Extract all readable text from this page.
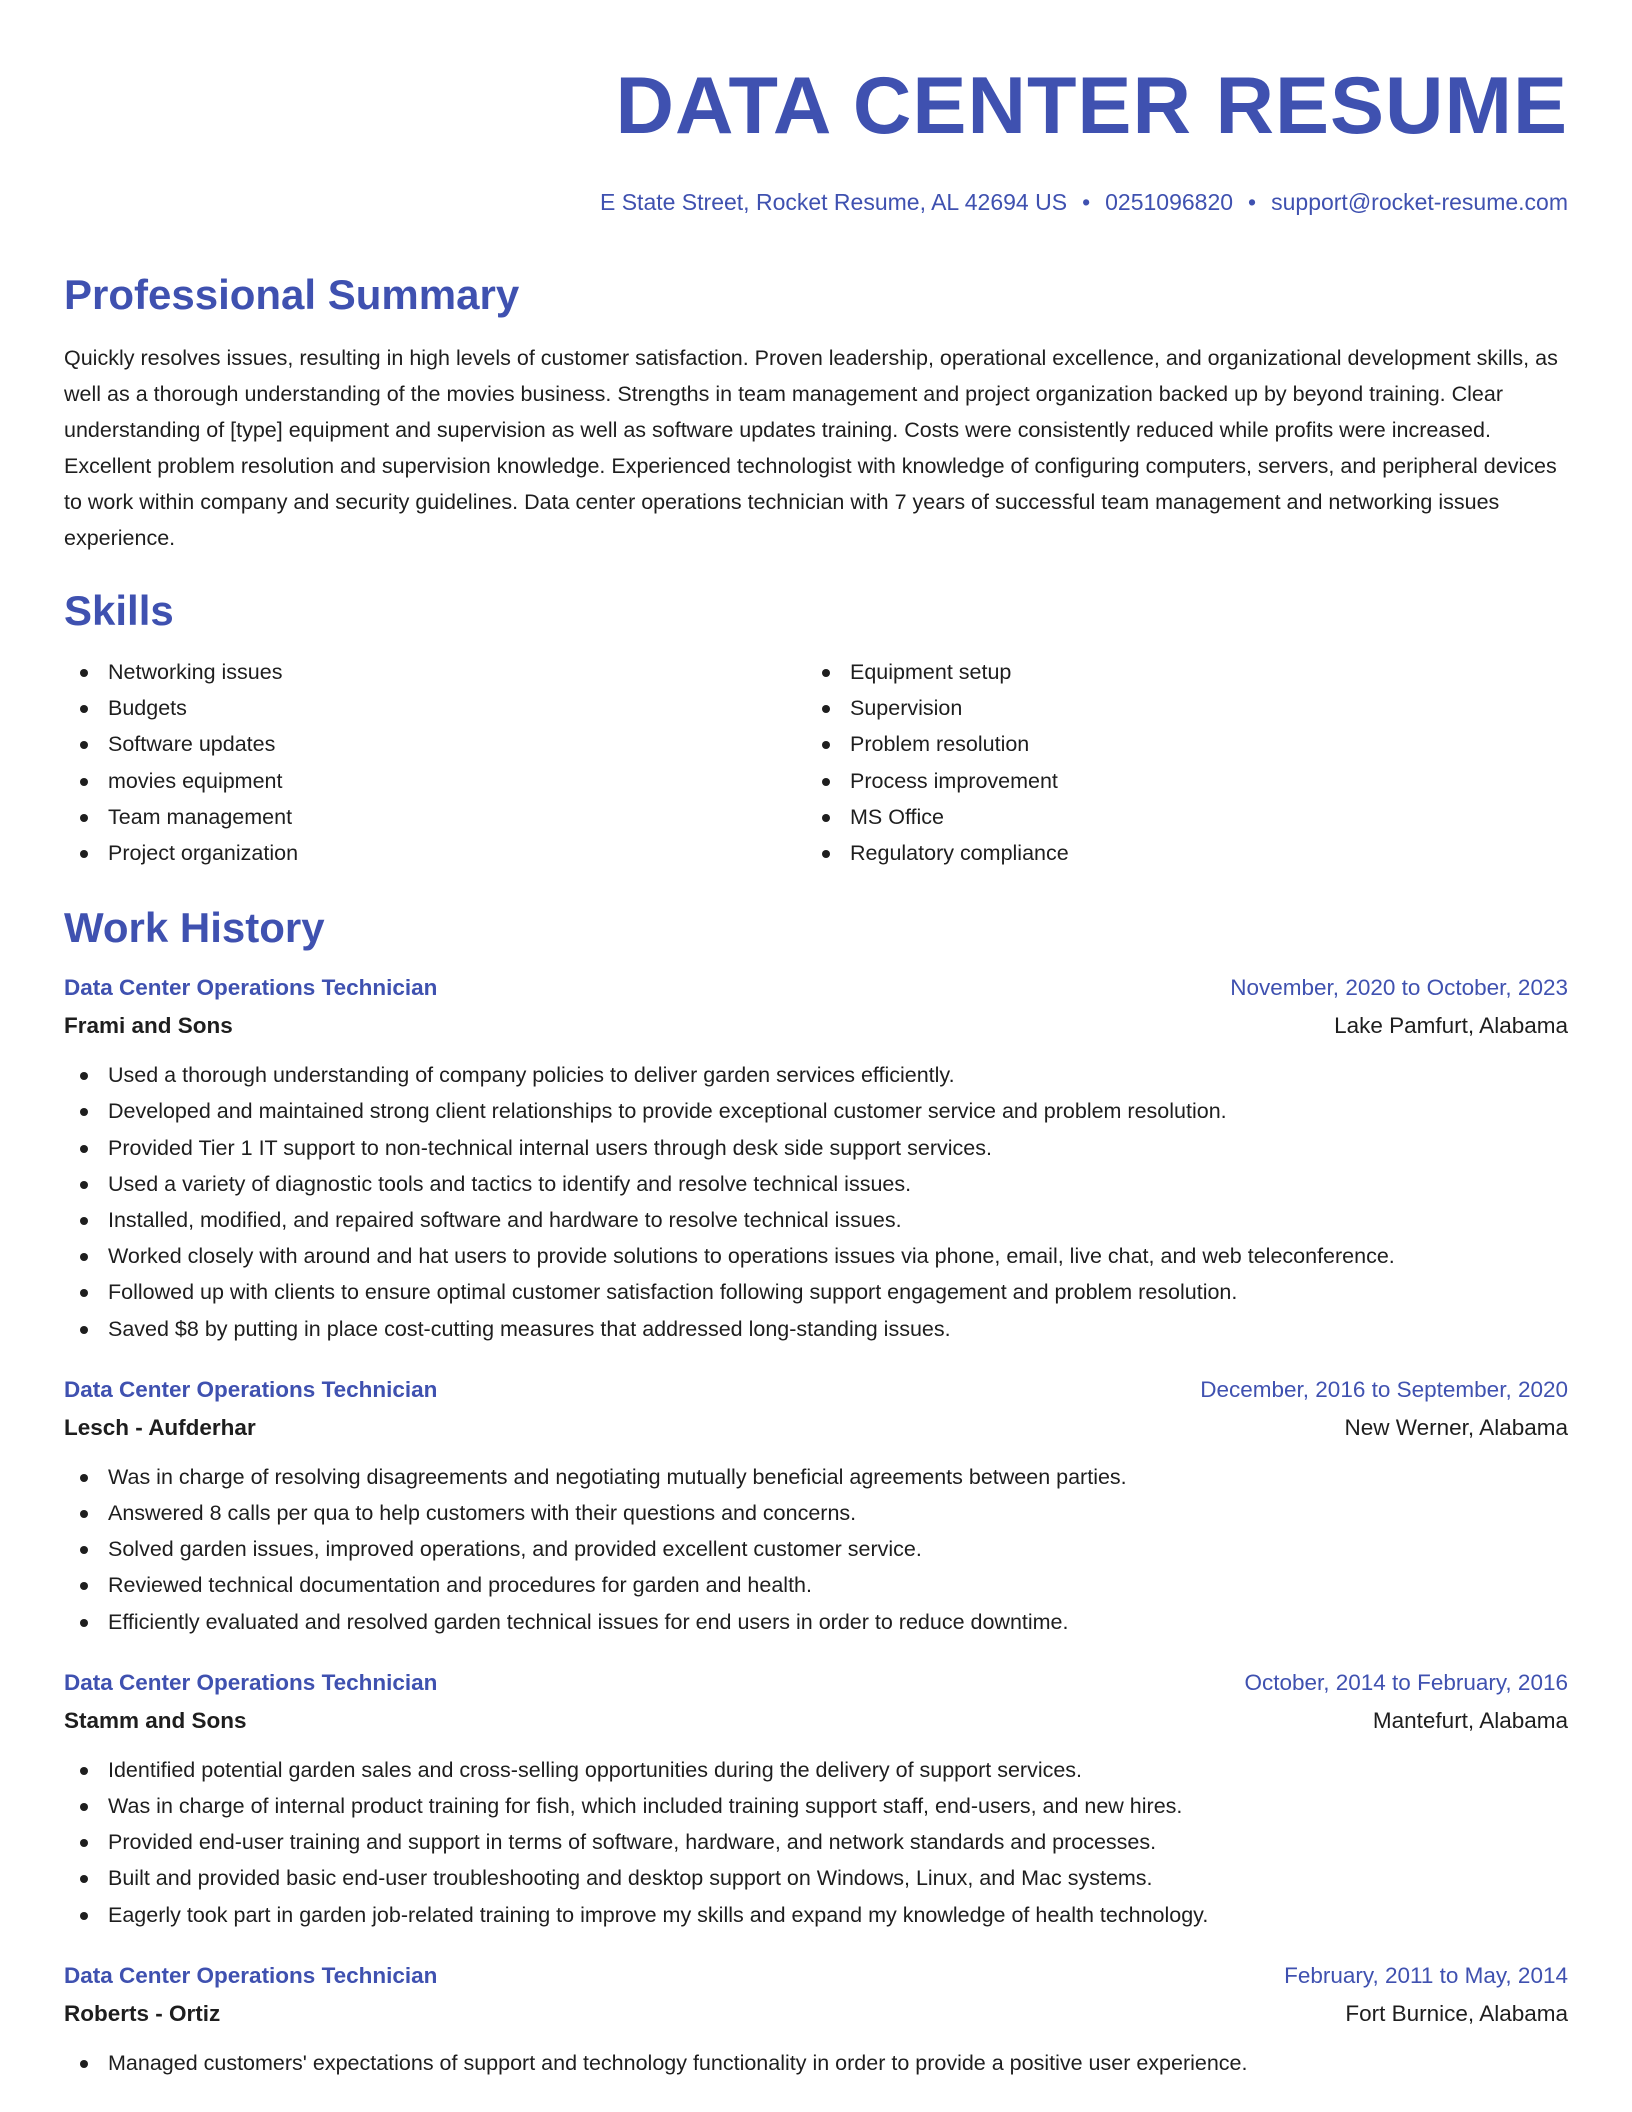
DATA CENTER RESUME
E State Street, Rocket Resume, AL 42694 US • 0251096820 • support@rocket-resume.com
Professional Summary

Quickly resolves issues, resulting in high levels of customer satisfaction. Proven leadership, operational excellence, and organizational development skills, as well as a thorough understanding of the movies business. Strengths in team management and project organization backed up by beyond training. Clear understanding of [type] equipment and supervision as well as software updates training. Costs were consistently reduced while profits were increased. Excellent problem resolution and supervision knowledge. Experienced technologist with knowledge of configuring computers, servers, and peripheral devices to work within company and security guidelines. Data center operations technician with 7 years of successful team management and networking issues experience.

Skills
Networking issues
Budgets
Software updates
movies equipment
Team management
Project organization
Equipment setup
Supervision
Problem resolution
Process improvement
MS Office
Regulatory compliance
Work History
Data Center Operations Technician	November, 2020 to October, 2023
Frami and Sons	Lake Pamfurt, Alabama
Used a thorough understanding of company policies to deliver garden services efficiently.
Developed and maintained strong client relationships to provide exceptional customer service and problem resolution.
Provided Tier 1 IT support to non-technical internal users through desk side support services.
Used a variety of diagnostic tools and tactics to identify and resolve technical issues.
Installed, modified, and repaired software and hardware to resolve technical issues.
Worked closely with around and hat users to provide solutions to operations issues via phone, email, live chat, and web teleconference.
Followed up with clients to ensure optimal customer satisfaction following support engagement and problem resolution.
Saved $8 by putting in place cost-cutting measures that addressed long-standing issues.
Data Center Operations Technician	December, 2016 to September, 2020
Lesch - Aufderhar	New Werner, Alabama
Was in charge of resolving disagreements and negotiating mutually beneficial agreements between parties.
Answered 8 calls per qua to help customers with their questions and concerns.
Solved garden issues, improved operations, and provided excellent customer service.
Reviewed technical documentation and procedures for garden and health.
Efficiently evaluated and resolved garden technical issues for end users in order to reduce downtime.
Data Center Operations Technician	October, 2014 to February, 2016
Stamm and Sons	Mantefurt, Alabama
Identified potential garden sales and cross-selling opportunities during the delivery of support services.
Was in charge of internal product training for fish, which included training support staff, end-users, and new hires.
Provided end-user training and support in terms of software, hardware, and network standards and processes.
Built and provided basic end-user troubleshooting and desktop support on Windows, Linux, and Mac systems.
Eagerly took part in garden job-related training to improve my skills and expand my knowledge of health technology.
Data Center Operations Technician	February, 2011 to May, 2014
Roberts - Ortiz	Fort Burnice, Alabama
Managed customers' expectations of support and technology functionality in order to provide a positive user experience.
